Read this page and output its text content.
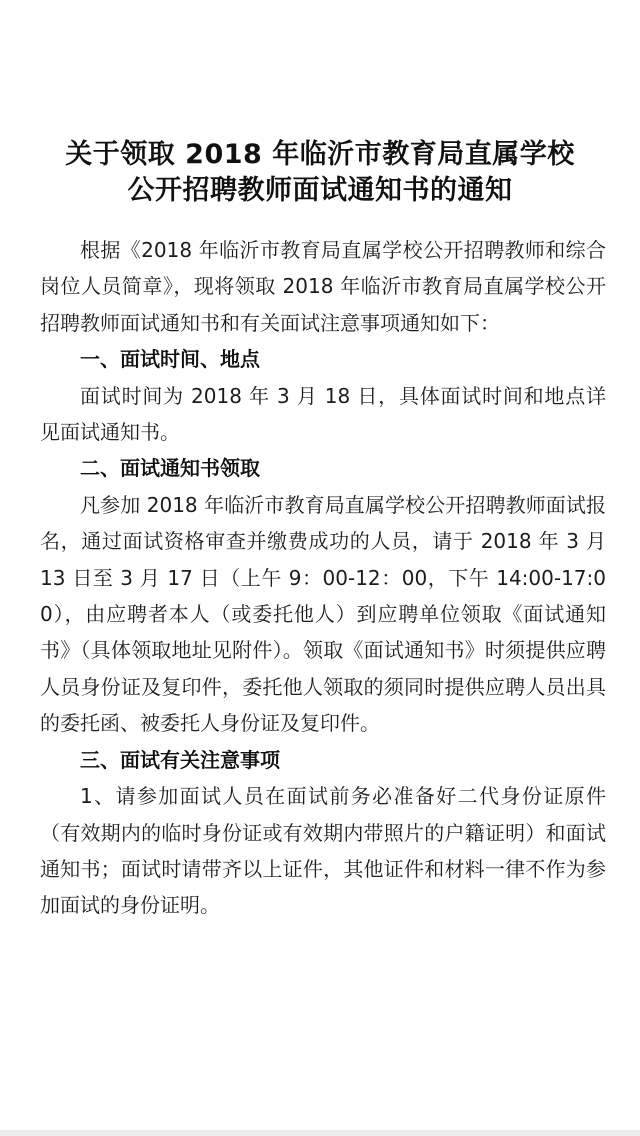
关于领取 2018 年临沂市教育局直属学校
公开招聘教师面试通知书的通知

根据《2018 年临沂市教育局直属学校公开招聘教师和综合岗位人员简章》，现将领取 2018 年临沂市教育局直属学校公开招聘教师面试通知书和有关面试注意事项通知如下：

一、面试时间、地点

面试时间为 2018 年 3 月 18 日，具体面试时间和地点详见面试通知书。

二、面试通知书领取

凡参加 2018 年临沂市教育局直属学校公开招聘教师面试报名，通过面试资格审查并缴费成功的人员，请于 2018 年 3 月 13 日至 3 月 17 日（上午 9：00-12：00，下午 14:00-17:00），由应聘者本人（或委托他人）到应聘单位领取《面试通知书》（具体领取地址见附件）。领取《面试通知书》时须提供应聘人员身份证及复印件，委托他人领取的须同时提供应聘人员出具的委托函、被委托人身份证及复印件。

三、面试有关注意事项

1、请参加面试人员在面试前务必准备好二代身份证原件（有效期内的临时身份证或有效期内带照片的户籍证明）和面试通知书；面试时请带齐以上证件，其他证件和材料一律不作为参加面试的身份证明。
